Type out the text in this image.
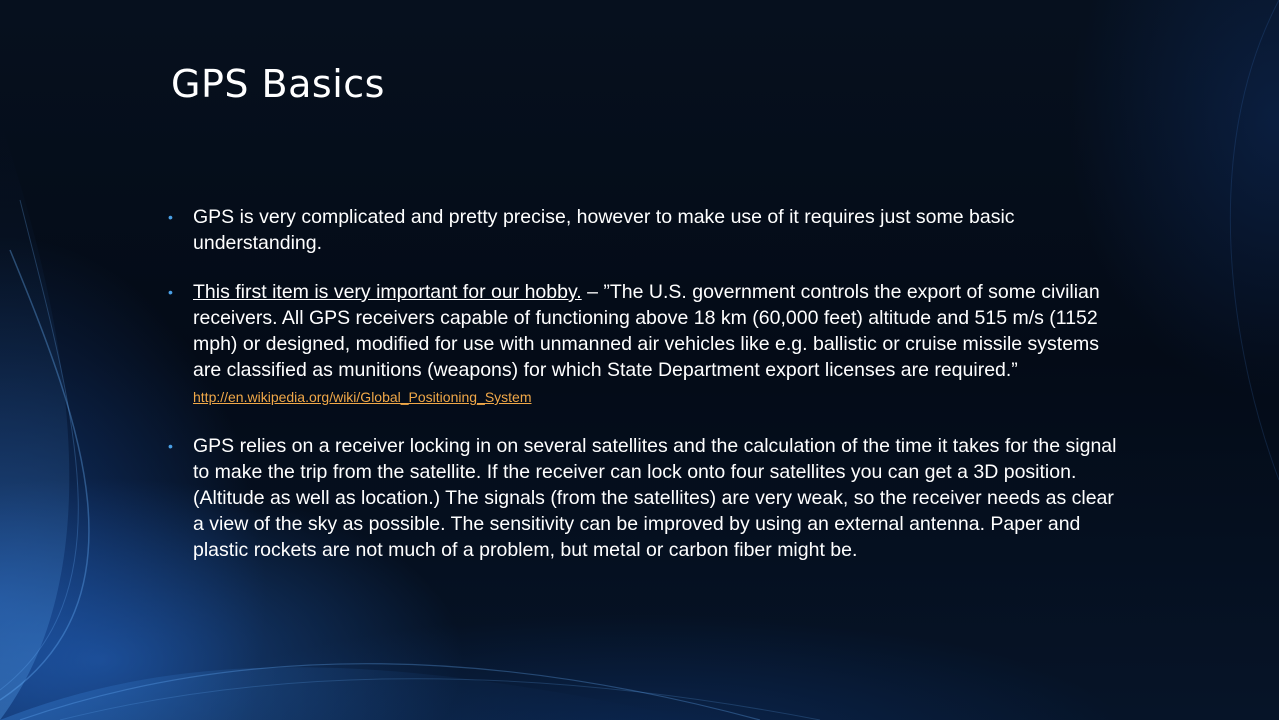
GPS Basics
• GPS is very complicated and pretty precise, however to make use of it requires just some basic understanding.
• This first item is very important for our hobby. – ”The U.S. government controls the export of some civilian receivers. All GPS receivers capable of functioning above 18 km (60,000 feet) altitude and 515 m/s (1152 mph) or designed, modified for use with unmanned air vehicles like e.g. ballistic or cruise missile systems are classified as munitions (weapons) for which State Department export licenses are required.” http://en.wikipedia.org/wiki/Global_Positioning_System
• GPS relies on a receiver locking in on several satellites and the calculation of the time it takes for the signal to make the trip from the satellite. If the receiver can lock onto four satellites you can get a 3D position. (Altitude as well as location.) The signals (from the satellites) are very weak, so the receiver needs as clear a view of the sky as possible. The sensitivity can be improved by using an external antenna. Paper and plastic rockets are not much of a problem, but metal or carbon fiber might be.
